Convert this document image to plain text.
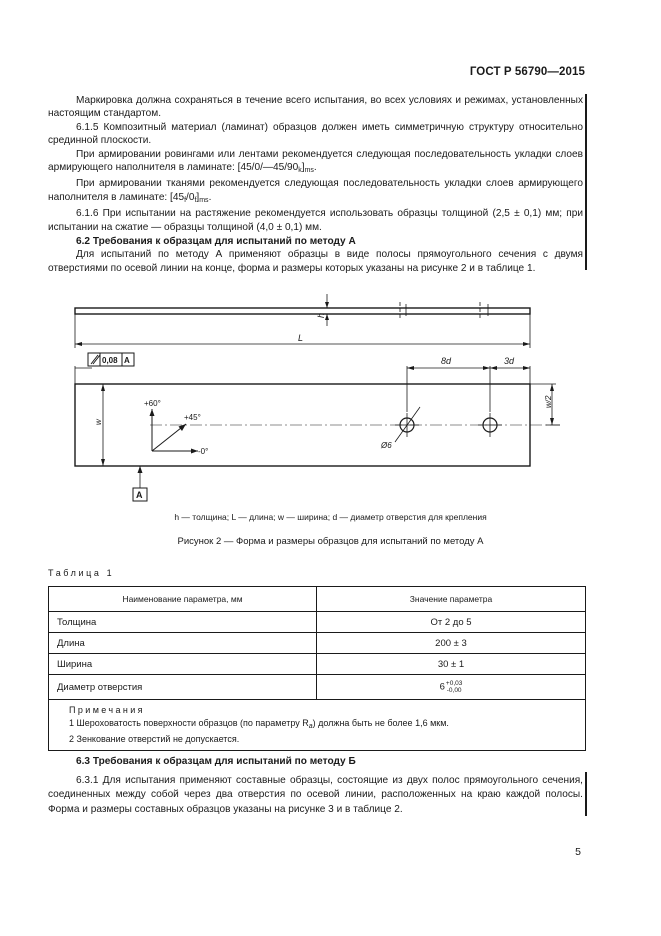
ГОСТ Р 56790—2015

Маркировка должна сохраняться в течение всего испытания, во всех условиях и режимах, установленных настоящим стандартом.

6.1.5 Композитный материал (ламинат) образцов должен иметь симметричную структуру относительно срединной плоскости.

При армировании ровингами или лентами рекомендуется следующая последовательность укладки слоев армирующего наполнителя в ламинате: $[45/0/—45/90_k]_{ms}$.

При армировании тканями рекомендуется следующая последовательность укладки слоев армирующего наполнителя в ламинате: $[45_f/0_f]_{ms}$.

6.1.6 При испытании на растяжение рекомендуется использовать образцы толщиной (2,5 ± 0,1) мм; при испытании на сжатие — образцы толщиной (4,0 ± 0,1) мм.

6.2 Требования к образцам для испытаний по методу А

Для испытаний по методу А применяют образцы в виде полосы прямоугольного сечения с двумя отверстиями по осевой линии на конце, форма и размеры которых указаны на рисунке 2 и в таблице 1.

h
L
0,08 A	8d	3d
w/2
w
+60°
+45°
-0°
Ø6
A
h — толщина; L — длина; w — ширина; d — диаметр отверстия для крепления
Рисунок 2 — Форма и размеры образцов для испытаний по методу А
Таблица 1
Наименование параметра, мм	Значение параметра
Толщина	От 2 до 5
Длина	200 ± 3
Ширина	30 ± 1
Диаметр отверстия	6 +0,03
-0,00

Примечания
1 Шероховатость поверхности образцов (по параметру $R_a$) должна быть не более 1,6 мкм.
2 Зенкование отверстий не допускается.	
6.3 Требования к образцам для испытаний по методу Б

6.3.1 Для испытания применяют составные образцы, состоящие из двух полос прямоугольного сечения, соединенных между собой через два отверстия по осевой линии, расположенных на краю каждой полосы. Форма и размеры составных образцов указаны на рисунке 3 и в таблице 2.

5
